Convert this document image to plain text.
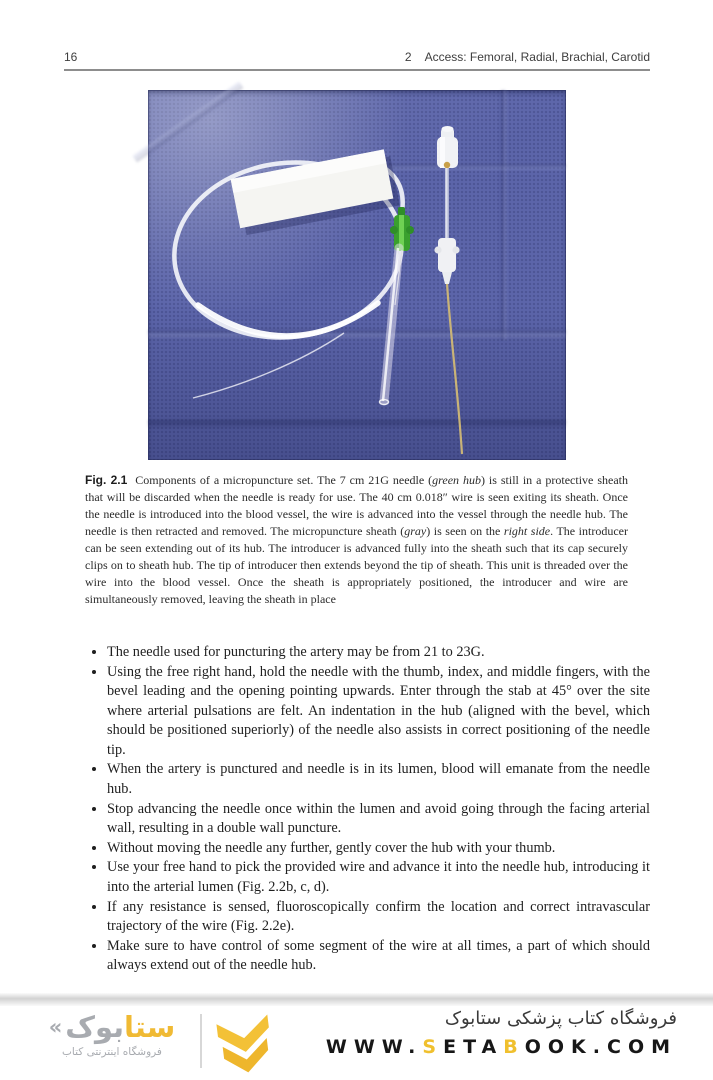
16	2 Access: Femoral, Radial, Brachial, Carotid
Fig. 2.1 Components of a micropuncture set. The 7 cm 21G needle (green hub) is still in a protective sheath that will be discarded when the needle is ready for use. The 40 cm 0.018″ wire is seen exiting its sheath. Once the needle is introduced into the blood vessel, the wire is advanced into the vessel through the needle hub. The needle is then retracted and removed. The micropuncture sheath (gray) is seen on the right side. The introducer can be seen extending out of its hub. The introducer is advanced fully into the sheath such that its cap securely clips on to sheath hub. The tip of introducer then extends beyond the tip of sheath. This unit is threaded over the wire into the blood vessel. Once the sheath is appropriately positioned, the introducer and wire are simultaneously removed, leaving the sheath in place
• The needle used for puncturing the artery may be from 21 to 23G.
• Using the free right hand, hold the needle with the thumb, index, and middle fingers, with the bevel leading and the opening pointing upwards. Enter through the stab at 45° over the site where arterial pulsations are felt. An indentation in the hub (aligned with the bevel, which should be positioned superiorly) of the needle also assists in correct positioning of the needle tip.
• When the artery is punctured and needle is in its lumen, blood will emanate from the needle hub.
• Stop advancing the needle once within the lumen and avoid going through the facing arterial wall, resulting in a double wall puncture.
• Without moving the needle any further, gently cover the hub with your thumb.
• Use your free hand to pick the provided wire and advance it into the needle hub, introducing it into the arterial lumen (Fig. 2.2b, c, d).
• If any resistance is sensed, fluoroscopically confirm the location and correct intravascular trajectory of the wire (Fig. 2.2e).
• Make sure to have control of some segment of the wire at all times, a part of which should always extend out of the needle hub.
« بوک ستا
فروشگاه اینترنتی کتاب
فروشگاه کتاب پزشکی ستابوک
WWW.SETABOOK.COM
